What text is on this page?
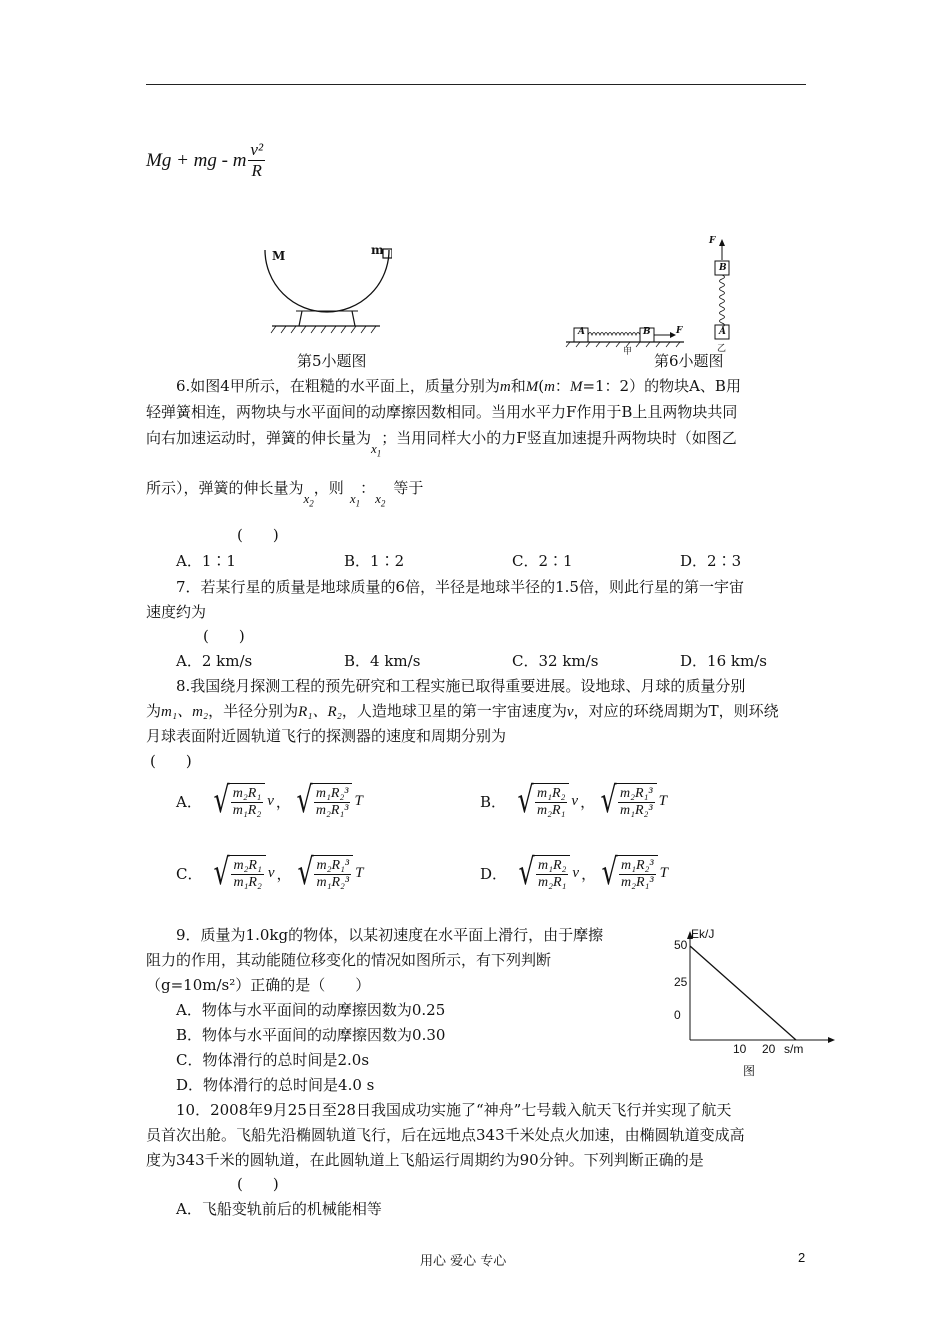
Mg + mg - m $\frac{\text{v²}}{R}$
M	m
第5小题图
F
B
A
乙
A	B	F
甲 第6小题图
6.如图4甲所示，在粗糙的水平面上，质量分别为m和M(m：M=1：2）的物块A、B用
轻弹簧相连，两物块与水平面间的动摩擦因数相同。当用水平力F作用于B上且两物块共同
向右加速运动时，弹簧的伸长量为$x_1$；当用同样大小的力F竖直加速提升两物块时（如图乙
所示），弹簧的伸长量为$x_2$，则$x_1$：$x_2$等于
(　　)
A．1∶1	B．1∶2	C．2∶1	D．2∶3
7．若某行星的质量是地球质量的6倍，半径是地球半径的1.5倍，则此行星的第一宇宙
速度约为
(　　)
A．2 km/s	B．4 km/s	C．32 km/s	D．16 km/s
8.我国绕月探测工程的预先研究和工程实施已取得重要进展。设地球、月球的质量分别
为m₁、m₂，半径分别为R₁、R₂，人造地球卫星的第一宇宙速度为v，对应的环绕周期为T，则环绕
月球表面附近圆轨道飞行的探测器的速度和周期分别为
(　　)
A． √ $\frac{\text{m₂R₁}}{\text{m₁R₂}}$ v ， √ $\frac{\text{m₁R₂³}}{\text{m₂R₁³}}$ T	B． √ $\frac{\text{m₁R₂}}{\text{m₂R₁}}$ v ， √ $\frac{\text{m₂R₁³}}{\text{m₁R₂³}}$ T
C． √ $\frac{\text{m₂R₁}}{\text{m₁R₂}}$ v ， √ $\frac{\text{m₂R₁³}}{\text{m₁R₂³}}$ T	D． √ $\frac{\text{m₁R₂}}{\text{m₂R₁}}$ v ， √ $\frac{\text{m₁R₂³}}{\text{m₂R₁³}}$ T
9．质量为1.0kg的物体，以某初速度在水平面上滑行，由于摩擦
阻力的作用，其动能随位移变化的情况如图所示，有下列判断
（g=10m/s²）正确的是（　　）
A．物体与水平面间的动摩擦因数为0.25
B．物体与水平面间的动摩擦因数为0.30
C．物体滑行的总时间是2.0s
D．物体滑行的总时间是4.0 s
Ek/J
50
25
0
10 20 s/m
图
10．2008年9月25日至28日我国成功实施了“神舟”七号载入航天飞行并实现了航天
员首次出舱。飞船先沿椭圆轨道飞行，后在远地点343千米处点火加速，由椭圆轨道变成高
度为343千米的圆轨道，在此圆轨道上飞船运行周期约为90分钟。下列判断正确的是
(　　)
A．飞船变轨前后的机械能相等
用心 爱心 专心	2
